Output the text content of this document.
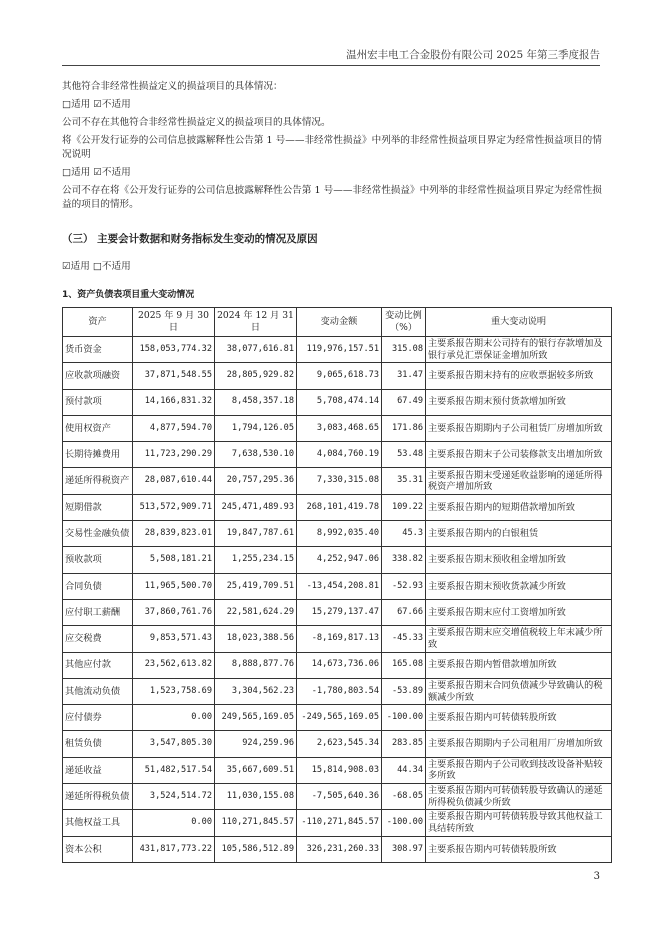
温州宏丰电工合金股份有限公司 2025 年第三季度报告

其他符合非经常性损益定义的损益项目的具体情况：

□适用 ☑不适用

公司不存在其他符合非经常性损益定义的损益项目的具体情况。

将《公开发行证券的公司信息披露解释性公告第 1 号——非经常性损益》中列举的非经常性损益项目界定为经常性损益项目的情况说明

□适用 ☑不适用

公司不存在将《公开发行证券的公司信息披露解释性公告第 1 号——非经常性损益》中列举的非经常性损益项目界定为经常性损益的项目的情形。

（三） 主要会计数据和财务指标发生变动的情况及原因

☑适用 □不适用

1、资产负债表项目重大变动情况
资产	2025 年 9 月 30 日	2024 年 12 月 31 日	变动金额	变动比例（%）	重大变动说明
货币资金	158,053,774.32	38,077,616.81	119,976,157.51	315.08	主要系报告期末公司持有的银行存款增加及银行承兑汇票保证金增加所致
应收款项融资	37,871,548.55	28,805,929.82	9,065,618.73	31.47	主要系报告期末持有的应收票据较多所致
预付款项	14,166,831.32	8,458,357.18	5,708,474.14	67.49	主要系报告期末预付货款增加所致
使用权资产	4,877,594.70	1,794,126.05	3,083,468.65	171.86	主要系报告期期内子公司租赁厂房增加所致
长期待摊费用	11,723,290.29	7,638,530.10	4,084,760.19	53.48	主要系报告期末子公司装修款支出增加所致
递延所得税资产	28,087,610.44	20,757,295.36	7,330,315.08	35.31	主要系报告期末受递延收益影响的递延所得税资产增加所致
短期借款	513,572,909.71	245,471,489.93	268,101,419.78	109.22	主要系报告期内的短期借款增加所致
交易性金融负债	28,839,823.01	19,847,787.61	8,992,035.40	45.3	主要系报告期内的白银租赁
预收款项	5,508,181.21	1,255,234.15	4,252,947.06	338.82	主要系报告期末预收租金增加所致
合同负债	11,965,500.70	25,419,709.51	-13,454,208.81	-52.93	主要系报告期末预收货款减少所致
应付职工薪酬	37,860,761.76	22,581,624.29	15,279,137.47	67.66	主要系报告期末应付工资增加所致
应交税费	9,853,571.43	18,023,388.56	-8,169,817.13	-45.33	主要系报告期末应交增值税较上年末减少所致
其他应付款	23,562,613.82	8,888,877.76	14,673,736.06	165.08	主要系报告期内暂借款增加所致
其他流动负债	1,523,758.69	3,304,562.23	-1,780,803.54	-53.89	主要系报告期末合同负债减少导致确认的税额减少所致
应付债券	0.00	249,565,169.05	-249,565,169.05	-100.00	主要系报告期内可转债转股所致
租赁负债	3,547,805.30	924,259.96	2,623,545.34	283.85	主要系报告期期内子公司租用厂房增加所致
递延收益	51,482,517.54	35,667,609.51	15,814,908.03	44.34	主要系报告期内子公司收到技改设备补贴较多所致
递延所得税负债	3,524,514.72	11,030,155.08	-7,505,640.36	-68.05	主要系报告期内可转债转股导致确认的递延所得税负债减少所致
其他权益工具	0.00	110,271,845.57	-110,271,845.57	-100.00	主要系报告期内可转债转股导致其他权益工具结转所致
资本公积	431,817,773.22	105,586,512.89	326,231,260.33	308.97	主要系报告期内可转债转股所致
3
